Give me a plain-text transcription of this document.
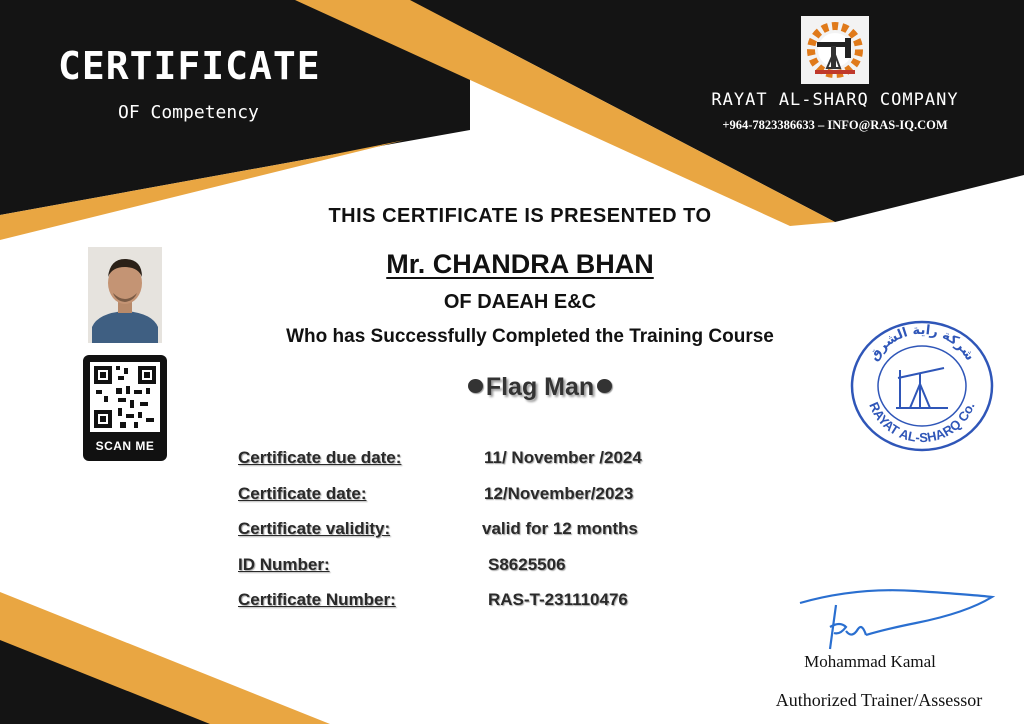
CERTIFICATE
OF Competency
RAYAT AL-SHARQ COMPANY
+964-7823386633 – INFO@RAS-IQ.COM
THIS CERTIFICATE IS PRESENTED TO
Mr. CHANDRA BHAN
OF DAEAH E&C
Who has Successfully Completed the Training Course
Flag Man
SCAN ME
Certificate due date:	11/ November /2024
Certificate date:	12/November/2023
Certificate validity:	valid for 12 months
ID Number:	S8625506
Certificate Number:	RAS-T-231110476
شركة راية الشرق
RAYAT AL-SHARQ Co.
Mohammad Kamal
Authorized Trainer/Assessor
